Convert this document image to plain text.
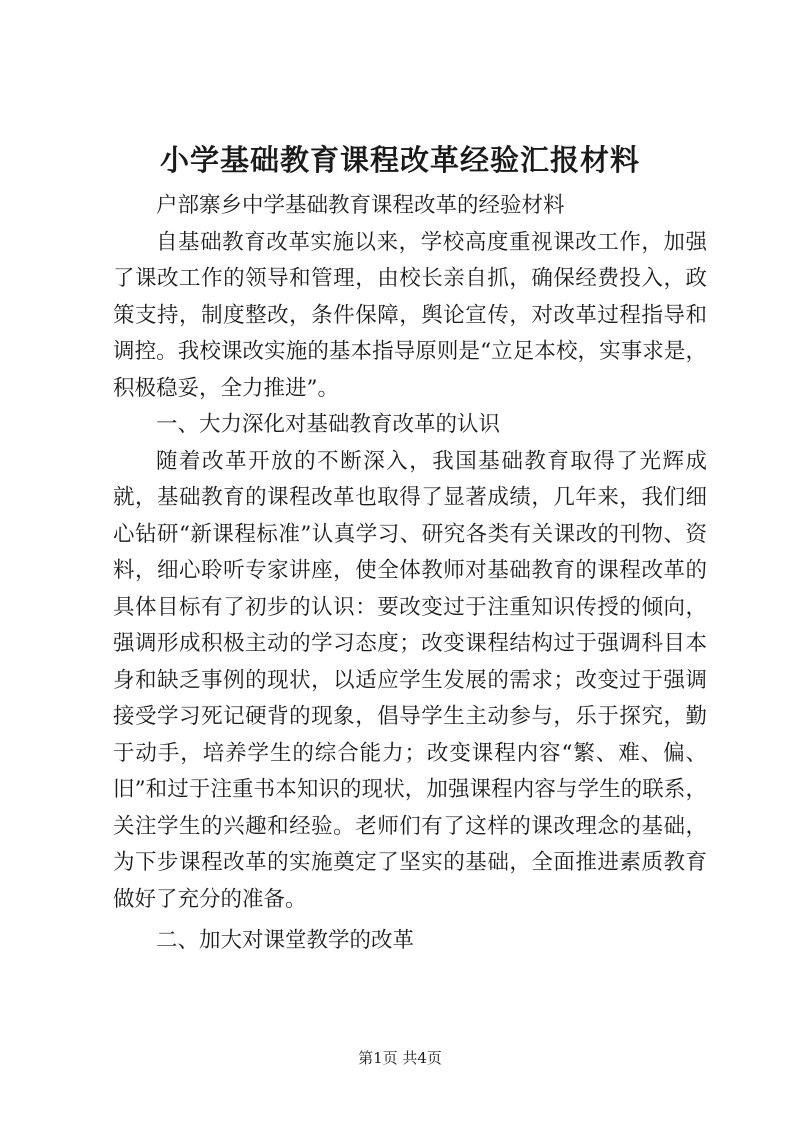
小学基础教育课程改革经验汇报材料

户部寨乡中学基础教育课程改革的经验材料

自基础教育改革实施以来，学校高度重视课改工作，加强了课改工作的领导和管理，由校长亲自抓，确保经费投入，政策支持，制度整改，条件保障，舆论宣传，对改革过程指导和调控。我校课改实施的基本指导原则是“立足本校，实事求是，积极稳妥，全力推进”。

一、大力深化对基础教育改革的认识

随着改革开放的不断深入，我国基础教育取得了光辉成就，基础教育的课程改革也取得了显著成绩，几年来，我们细心钻研“新课程标准”认真学习、研究各类有关课改的刊物、资料，细心聆听专家讲座，使全体教师对基础教育的课程改革的具体目标有了初步的认识：要改变过于注重知识传授的倾向，强调形成积极主动的学习态度；改变课程结构过于强调科目本身和缺乏事例的现状，以适应学生发展的需求；改变过于强调接受学习死记硬背的现象，倡导学生主动参与，乐于探究，勤于动手，培养学生的综合能力；改变课程内容“繁、难、偏、旧”和过于注重书本知识的现状，加强课程内容与学生的联系，关注学生的兴趣和经验。老师们有了这样的课改理念的基础，为下步课程改革的实施奠定了坚实的基础，全面推进素质教育做好了充分的准备。

二、加大对课堂教学的改革

第1页 共4页
